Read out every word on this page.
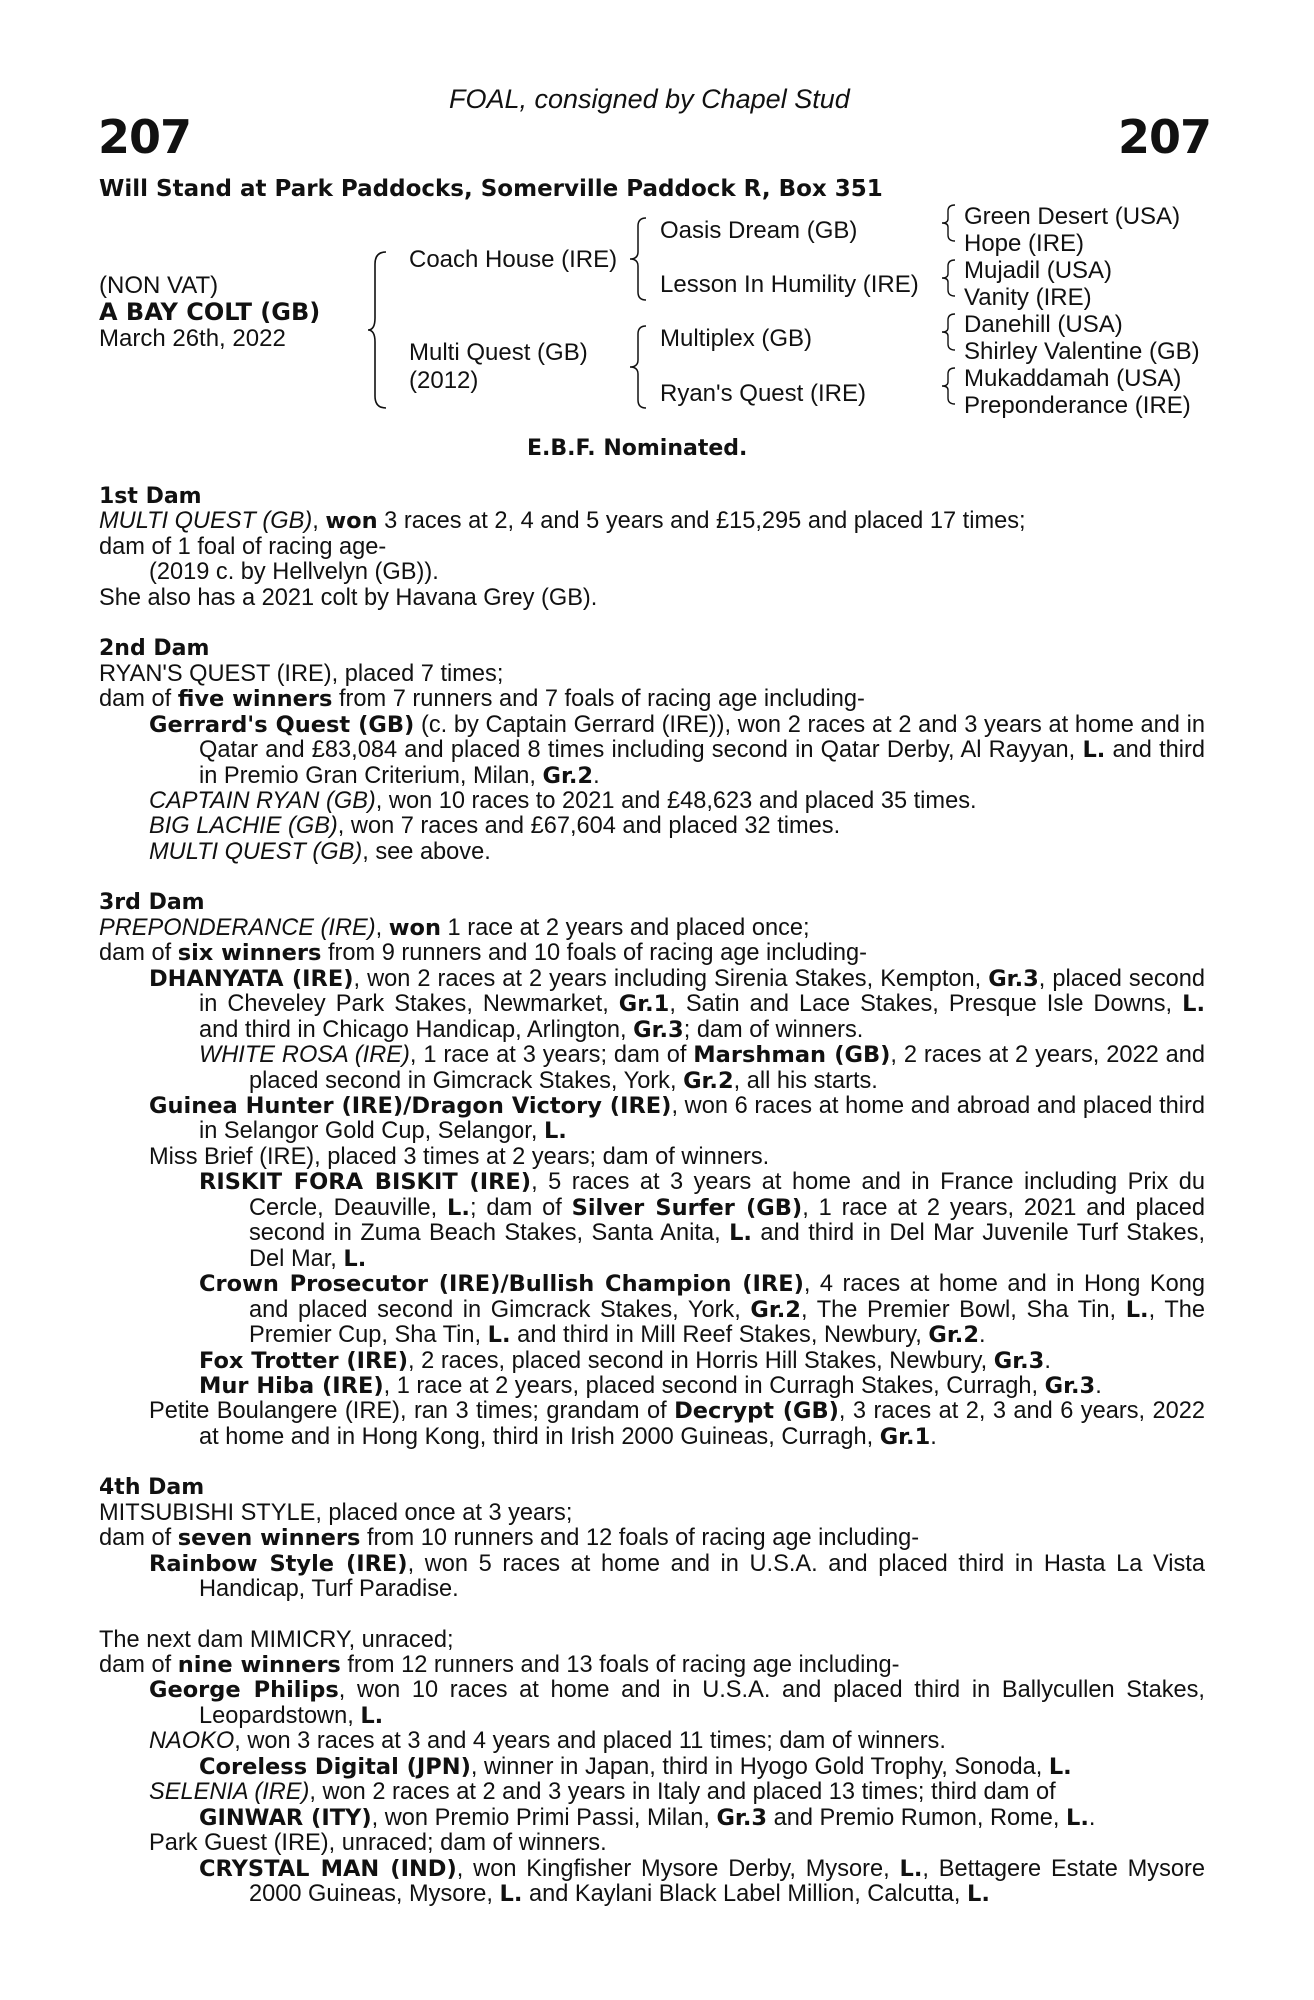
FOAL, consigned by Chapel Stud
207	207
Will Stand at Park Paddocks, Somerville Paddock R, Box 351
(NON VAT)
A BAY COLT (GB)
March 26th, 2022
Coach House (IRE)
Multi Quest (GB)
(2012)
Oasis Dream (GB)
Lesson In Humility (IRE)
Multiplex (GB)
Ryan's Quest (IRE)
Green Desert (USA)
Hope (IRE)
Mujadil (USA)
Vanity (IRE)
Danehill (USA)
Shirley Valentine (GB)
Mukaddamah (USA)
Preponderance (IRE)
E.B.F. Nominated.
1st Dam
MULTI QUEST (GB), won 3 races at 2, 4 and 5 years and £15,295 and placed 17 times;
dam of 1 foal of racing age-
(2019 c. by Hellvelyn (GB)).
She also has a 2021 colt by Havana Grey (GB).
2nd Dam
RYAN'S QUEST (IRE), placed 7 times;
dam of five winners from 7 runners and 7 foals of racing age including-
Gerrard's Quest (GB) (c. by Captain Gerrard (IRE)), won 2 races at 2 and 3 years at home and in Qatar and £83,084 and placed 8 times including second in Qatar Derby, Al Rayyan, L. and third in Premio Gran Criterium, Milan, Gr.2.
CAPTAIN RYAN (GB), won 10 races to 2021 and £48,623 and placed 35 times.
BIG LACHIE (GB), won 7 races and £67,604 and placed 32 times.
MULTI QUEST (GB), see above.
3rd Dam
PREPONDERANCE (IRE), won 1 race at 2 years and placed once;
dam of six winners from 9 runners and 10 foals of racing age including-
DHANYATA (IRE), won 2 races at 2 years including Sirenia Stakes, Kempton, Gr.3, placed second in Cheveley Park Stakes, Newmarket, Gr.1, Satin and Lace Stakes, Presque Isle Downs, L. and third in Chicago Handicap, Arlington, Gr.3; dam of winners.
WHITE ROSA (IRE), 1 race at 3 years; dam of Marshman (GB), 2 races at 2 years, 2022 and placed second in Gimcrack Stakes, York, Gr.2, all his starts.
Guinea Hunter (IRE)/Dragon Victory (IRE), won 6 races at home and abroad and placed third in Selangor Gold Cup, Selangor, L.
Miss Brief (IRE), placed 3 times at 2 years; dam of winners.
RISKIT FORA BISKIT (IRE), 5 races at 3 years at home and in France including Prix du Cercle, Deauville, L.; dam of Silver Surfer (GB), 1 race at 2 years, 2021 and placed second in Zuma Beach Stakes, Santa Anita, L. and third in Del Mar Juvenile Turf Stakes, Del Mar, L.
Crown Prosecutor (IRE)/Bullish Champion (IRE), 4 races at home and in Hong Kong and placed second in Gimcrack Stakes, York, Gr.2, The Premier Bowl, Sha Tin, L., The Premier Cup, Sha Tin, L. and third in Mill Reef Stakes, Newbury, Gr.2.
Fox Trotter (IRE), 2 races, placed second in Horris Hill Stakes, Newbury, Gr.3.
Mur Hiba (IRE), 1 race at 2 years, placed second in Curragh Stakes, Curragh, Gr.3.
Petite Boulangere (IRE), ran 3 times; grandam of Decrypt (GB), 3 races at 2, 3 and 6 years, 2022 at home and in Hong Kong, third in Irish 2000 Guineas, Curragh, Gr.1.
4th Dam
MITSUBISHI STYLE, placed once at 3 years;
dam of seven winners from 10 runners and 12 foals of racing age including-
Rainbow Style (IRE), won 5 races at home and in U.S.A. and placed third in Hasta La Vista Handicap, Turf Paradise.
The next dam MIMICRY, unraced;
dam of nine winners from 12 runners and 13 foals of racing age including-
George Philips, won 10 races at home and in U.S.A. and placed third in Ballycullen Stakes, Leopardstown, L.
NAOKO, won 3 races at 3 and 4 years and placed 11 times; dam of winners.
Coreless Digital (JPN), winner in Japan, third in Hyogo Gold Trophy, Sonoda, L.
SELENIA (IRE), won 2 races at 2 and 3 years in Italy and placed 13 times; third dam of
GINWAR (ITY), won Premio Primi Passi, Milan, Gr.3 and Premio Rumon, Rome, L..
Park Guest (IRE), unraced; dam of winners.
CRYSTAL MAN (IND), won Kingfisher Mysore Derby, Mysore, L., Bettagere Estate Mysore 2000 Guineas, Mysore, L. and Kaylani Black Label Million, Calcutta, L.
